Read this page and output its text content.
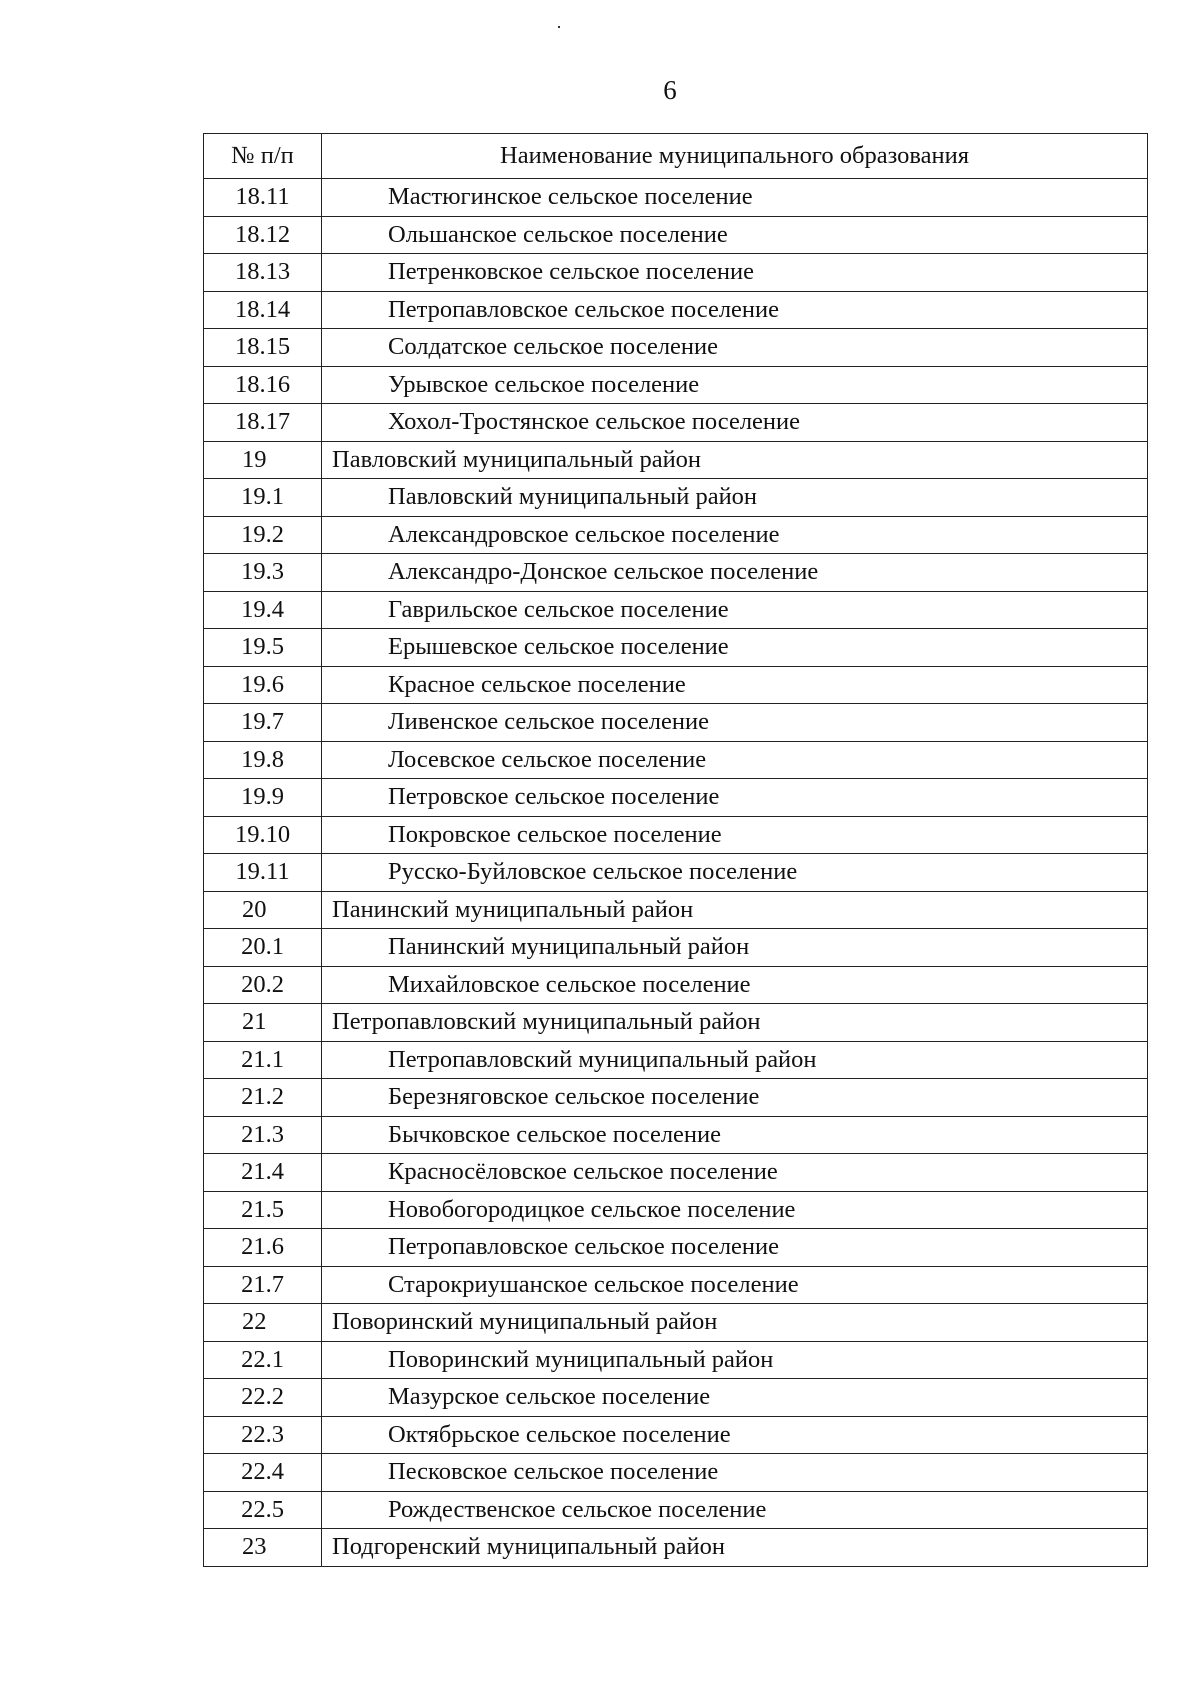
6
№ п/п	Наименование муниципального образования
18.11	Мастюгинское сельское поселение
18.12	Ольшанское сельское поселение
18.13	Петренковское сельское поселение
18.14	Петропавловское сельское поселение
18.15	Солдатское сельское поселение
18.16	Урывское сельское поселение
18.17	Хохол-Тростянское сельское поселение
19	Павловский муниципальный район
19.1	Павловский муниципальный район
19.2	Александровское сельское поселение
19.3	Александро-Донское сельское поселение
19.4	Гаврильское сельское поселение
19.5	Ерышевское сельское поселение
19.6	Красное сельское поселение
19.7	Ливенское сельское поселение
19.8	Лосевское сельское поселение
19.9	Петровское сельское поселение
19.10	Покровское сельское поселение
19.11	Русско-Буйловское сельское поселение
20	Панинский муниципальный район
20.1	Панинский муниципальный район
20.2	Михайловское сельское поселение
21	Петропавловский муниципальный район
21.1	Петропавловский муниципальный район
21.2	Березняговское сельское поселение
21.3	Бычковское сельское поселение
21.4	Красносёловское сельское поселение
21.5	Новобогородицкое сельское поселение
21.6	Петропавловское сельское поселение
21.7	Старокриушанское сельское поселение
22	Поворинский муниципальный район
22.1	Поворинский муниципальный район
22.2	Мазурское сельское поселение
22.3	Октябрьское сельское поселение
22.4	Песковское сельское поселение
22.5	Рождественское сельское поселение
23	Подгоренский муниципальный район
